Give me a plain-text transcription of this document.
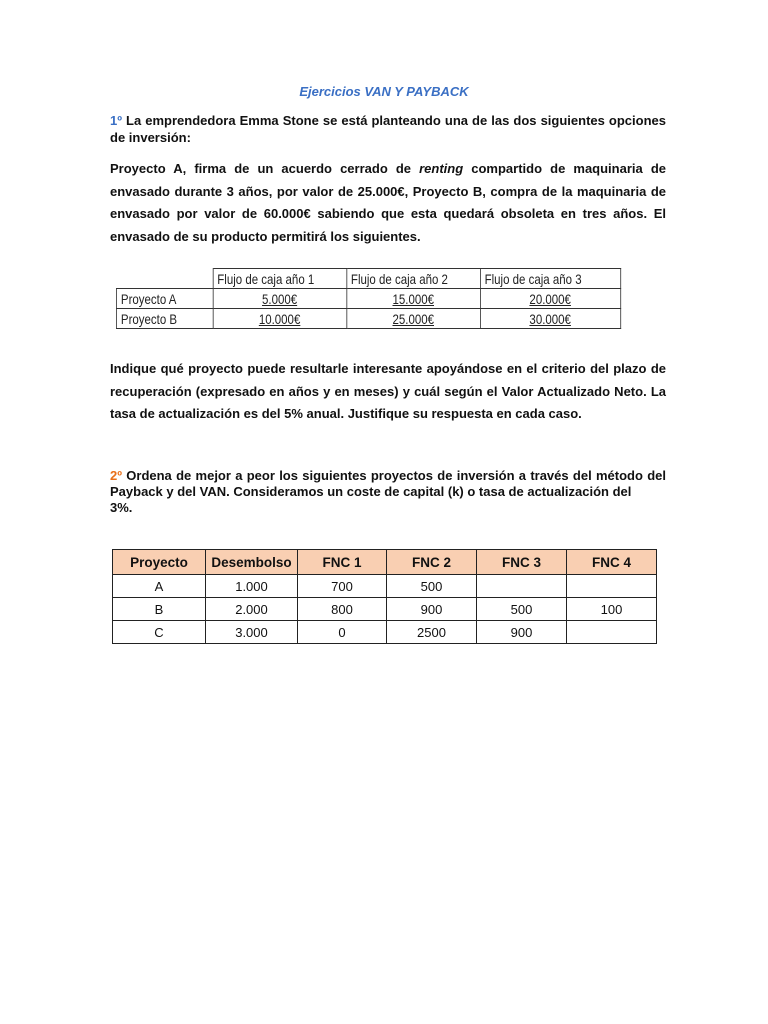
Ejercicios VAN Y PAYBACK
1º La emprendedora Emma Stone se está planteando una de las dos siguientes opciones de inversión:
Proyecto A, firma de un acuerdo cerrado de renting compartido de maquinaria de envasado durante 3 años, por valor de 25.000€, Proyecto B, compra de la maquinaria de envasado por valor de 60.000€ sabiendo que esta quedará obsoleta en tres años. El envasado de su producto permitirá los siguientes.
	Flujo de caja año 1	Flujo de caja año 2	Flujo de caja año 3
Proyecto A	5.000€	15.000€	20.000€
Proyecto B	10.000€	25.000€	30.000€
Indique qué proyecto puede resultarle interesante apoyándose en el criterio del plazo de recuperación (expresado en años y en meses) y cuál según el Valor Actualizado Neto. La tasa de actualización es del 5% anual. Justifique su respuesta en cada caso.
2º Ordena de mejor a peor los siguientes proyectos de inversión a través del método del Payback y del VAN. Consideramos un coste de capital (k) o tasa de actualización del
3%.
Proyecto	Desembolso	FNC 1	FNC 2	FNC 3	FNC 4
A	1.000	700	500		
B	2.000	800	900	500	100
C	3.000	0	2500	900	
